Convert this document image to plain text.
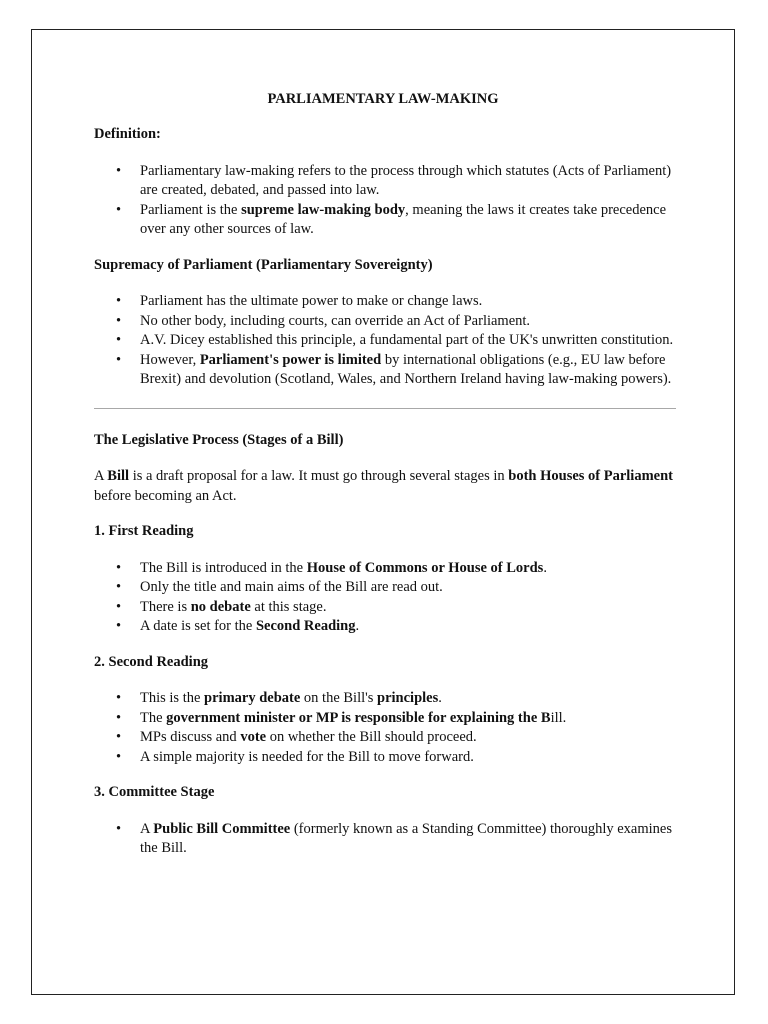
PARLIAMENTARY LAW-MAKING
Definition:
• Parliamentary law-making refers to the process through which statutes (Acts of Parliament) are created, debated, and passed into law.
• Parliament is the supreme law-making body, meaning the laws it creates take precedence over any other sources of law.
Supremacy of Parliament (Parliamentary Sovereignty)
• Parliament has the ultimate power to make or change laws.
• No other body, including courts, can override an Act of Parliament.
• A.V. Dicey established this principle, a fundamental part of the UK's unwritten constitution.
• However, Parliament's power is limited by international obligations (e.g., EU law before Brexit) and devolution (Scotland, Wales, and Northern Ireland having law-making powers).
The Legislative Process (Stages of a Bill)

A Bill is a draft proposal for a law. It must go through several stages in both Houses of Parliament before becoming an Act.

1. First Reading
• The Bill is introduced in the House of Commons or House of Lords.
• Only the title and main aims of the Bill are read out.
• There is no debate at this stage.
• A date is set for the Second Reading.
2. Second Reading
• This is the primary debate on the Bill's principles.
• The government minister or MP is responsible for explaining the Bill.
• MPs discuss and vote on whether the Bill should proceed.
• A simple majority is needed for the Bill to move forward.
3. Committee Stage
• A Public Bill Committee (formerly known as a Standing Committee) thoroughly examines the Bill.
